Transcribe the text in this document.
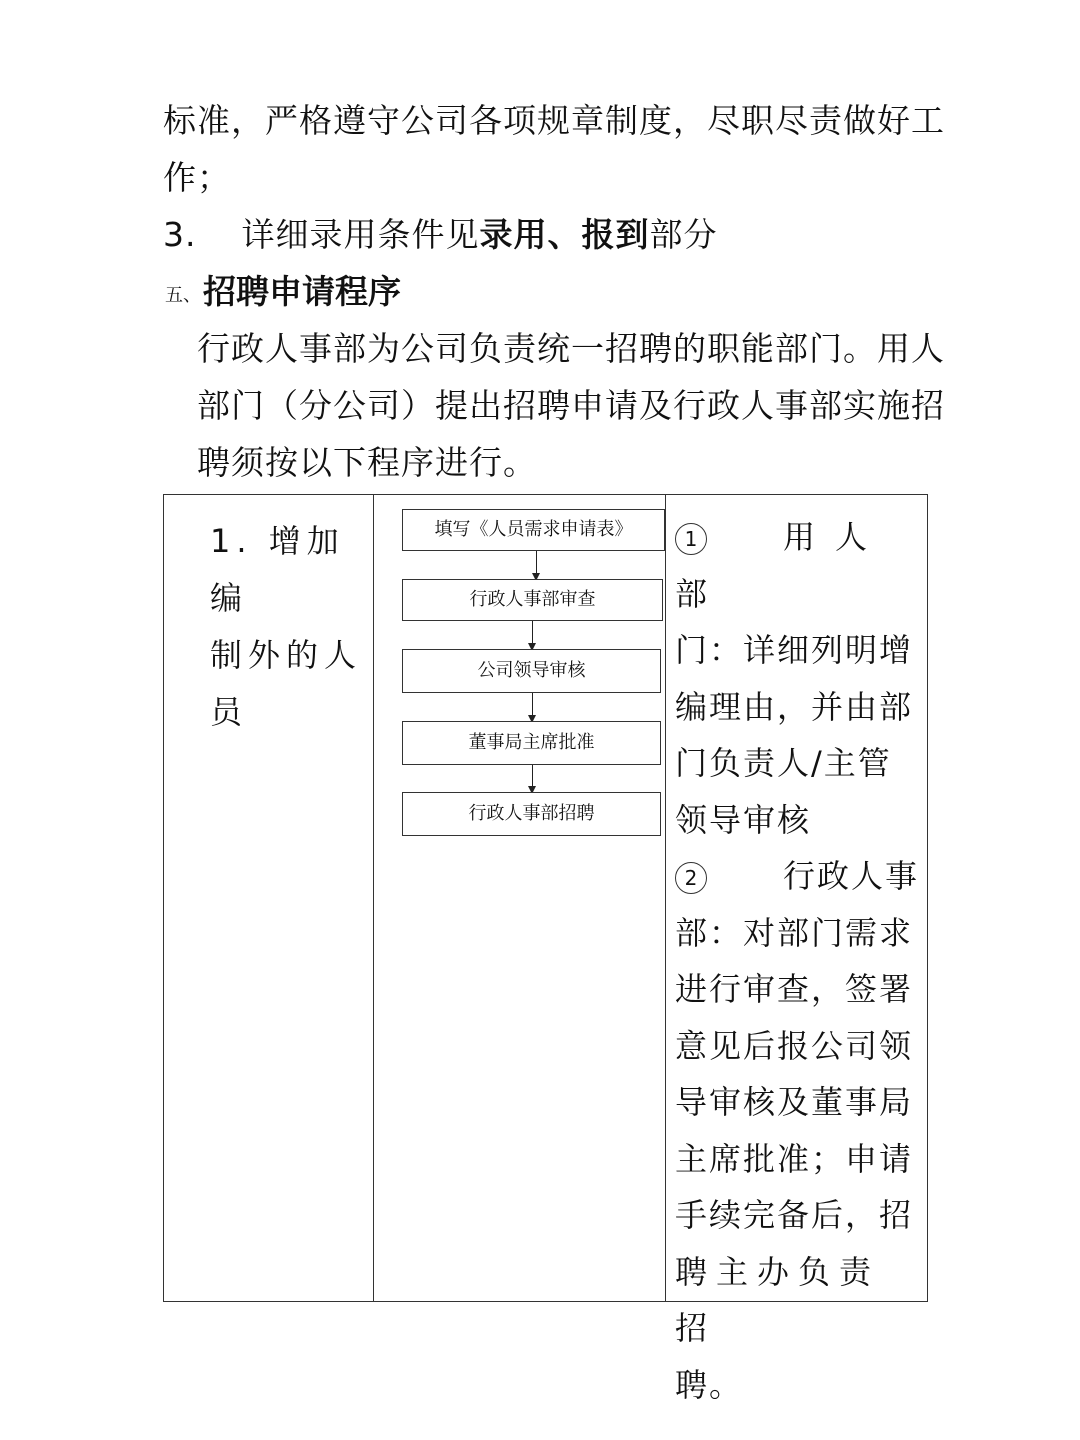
标准，严格遵守公司各项规章制度，尽职尽责做好工
作；
3. 详细录用条件见录用、报到部分
五、 招聘申请程序
行政人事部为公司负责统一招聘的职能部门。用人
部门（分公司）提出招聘申请及行政人事部实施招
聘须按以下程序进行。
1. 增加编
制外的人
员
填写《人员需求申请表》
行政人事部审查
公司领导审核
董事局主席批准
行政人事部招聘
1	用人部
门：详细列明增
编理由，并由部
门负责人/主管
领导审核
2	行政人事
部：对部门需求
进行审查，签署
意见后报公司领
导审核及董事局
主席批准；申请
手续完备后，招
聘主办负责招
聘。
